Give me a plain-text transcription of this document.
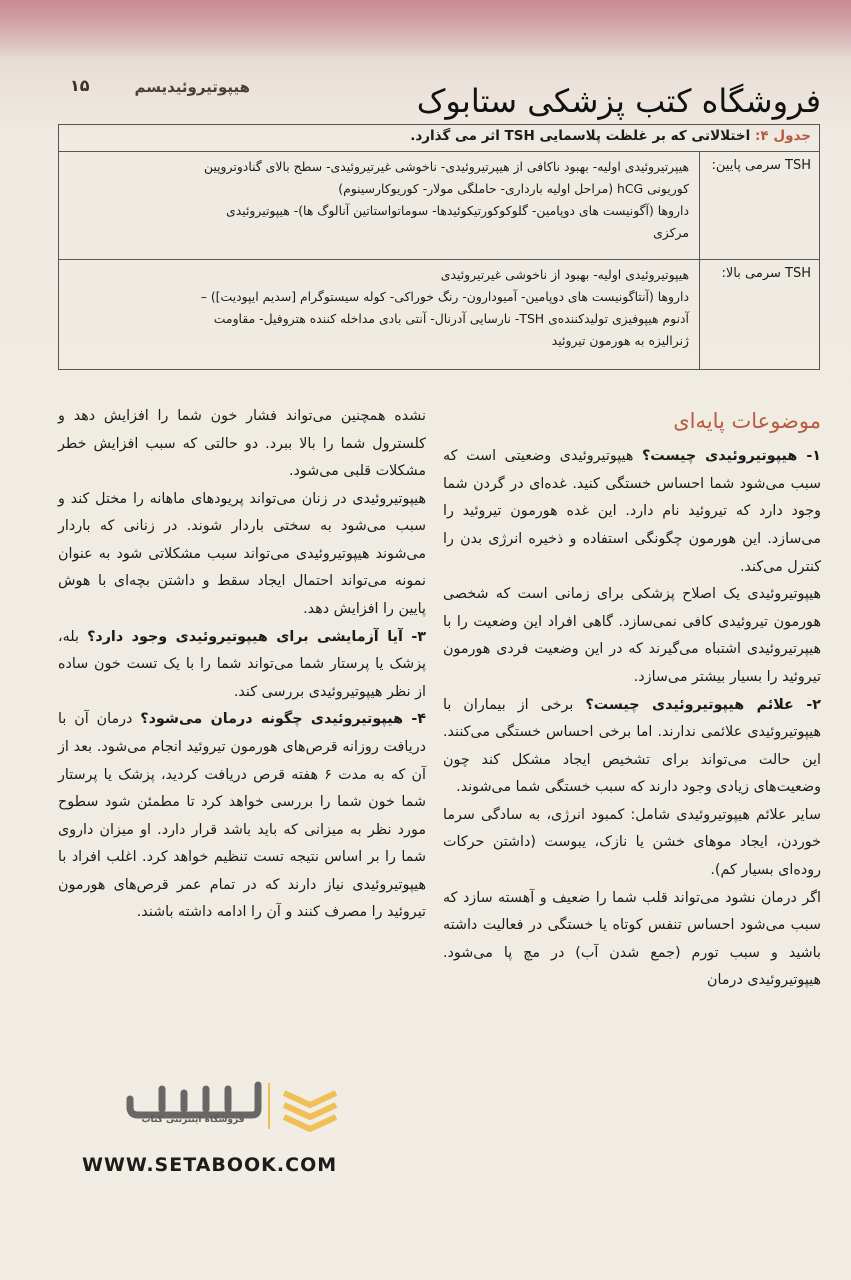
۱۵	هیپوتیروئیدیسم	فروشگاه کتب پزشکی ستابوک
جدول ۴: اختلالاتی که بر غلظت پلاسمایی TSH اثر می گذارد.
TSH سرمی پایین:
هیپرتیروئیدی اولیه- بهبود ناکافی از هیپرتیروئیدی- ناخوشی غیرتیروئیدی- سطح بالای گنادوتروپین
کوریونی hCG (مراحل اولیه بارداری- حاملگی مولار- کوریوکارسینوم)
داروها (آگونیست های دوپامین- گلوکوکورتیکوئیدها- سوماتواستاتین آنالوگ ها)- هیپوتیروئیدی
مرکزی
TSH سرمی بالا:
هیپوتیروئیدی اولیه- بهبود از ناخوشی غیرتیروئیدی
داروها (آنتاگونیست های دوپامین- آمیودارون- رنگ خوراکی- کوله سیستوگرام [سدیم ایپودیت]) –
آدنوم هیپوفیزی تولیدکننده‌ی TSH- نارسایی آدرنال- آنتی بادی مداخله کننده هتروفیل- مقاومت
ژنرالیزه به هورمون تیروئید
موضوعات پایه‌ای

۱- هیپوتیروئیدی چیست؟ هیپوتیروئیدی وضعیتی است که سبب می‌شود شما احساس خستگی کنید. غده‌ای در گردن شما وجود دارد که تیروئید نام دارد. این غده هورمون تیروئید را می‌سازد. این هورمون چگونگی استفاده و ذخیره انرژی بدن را کنترل می‌کند.

هیپوتیروئیدی یک اصلاح پزشکی برای زمانی است که شخصی هورمون تیروئیدی کافی نمی‌سازد. گاهی افراد این وضعیت را با هیپرتیروئیدی اشتباه می‌گیرند که در این وضعیت فردی هورمون تیروئید را بسیار بیشتر می‌سازد.

۲- علائم هیپوتیروئیدی چیست؟ برخی از بیماران با هیپوتیروئیدی علائمی ندارند. اما برخی احساس خستگی می‌کنند. این حالت می‌تواند برای تشخیص ایجاد مشکل کند چون وضعیت‌های زیادی وجود دارند که سبب خستگی شما می‌شوند.

سایر علائم هیپوتیروئیدی شامل: کمبود انرژی، به سادگی سرما خوردن، ایجاد موهای خشن یا نازک، یبوست (داشتن حرکات روده‌ای بسیار کم).

اگر درمان نشود می‌تواند قلب شما را ضعیف و آهسته سازد که سبب می‌شود احساس تنفس کوتاه یا خستگی در فعالیت داشته باشید و سبب تورم (جمع شدن آب) در مچ پا می‌شود. هیپوتیروئیدی درمان

نشده همچنین می‌تواند فشار خون شما را افزایش دهد و کلسترول شما را بالا ببرد. دو حالتی که سبب افزایش خطر مشکلات قلبی می‌شود.

هیپوتیروئیدی در زنان می‌تواند پریودهای ماهانه را مختل کند و سبب می‌شود به سختی باردار شوند. در زنانی که باردار می‌شوند هیپوتیروئیدی می‌تواند سبب مشکلاتی شود به عنوان نمونه می‌تواند احتمال ایجاد سقط و داشتن بچه‌ای با هوش پایین را افزایش دهد.

۳- آیا آزمایشی برای هیپوتیروئیدی وجود دارد؟ بله، پزشک یا پرستار شما می‌تواند شما را با یک تست خون ساده از نظر هیپوتیروئیدی بررسی کند.

۴- هیپوتیروئیدی چگونه درمان می‌شود؟ درمان آن با دریافت روزانه قرص‌های هورمون تیروئید انجام می‌شود. بعد از آن که به مدت ۶ هفته قرص دریافت کردید، پزشک یا پرستار شما خون شما را بررسی خواهد کرد تا مطمئن شود سطوح مورد نظر به میزانی که باید باشد قرار دارد. او میزان داروی شما را بر اساس نتیجه تست تنظیم خواهد کرد. اغلب افراد با هیپوتیروئیدی نیاز دارند که در تمام عمر قرص‌های هورمون تیروئید را مصرف کنند و آن را ادامه داشته باشند.

فروشگاه اینترنتی کتاب
WWW.SETABOOK.COM
